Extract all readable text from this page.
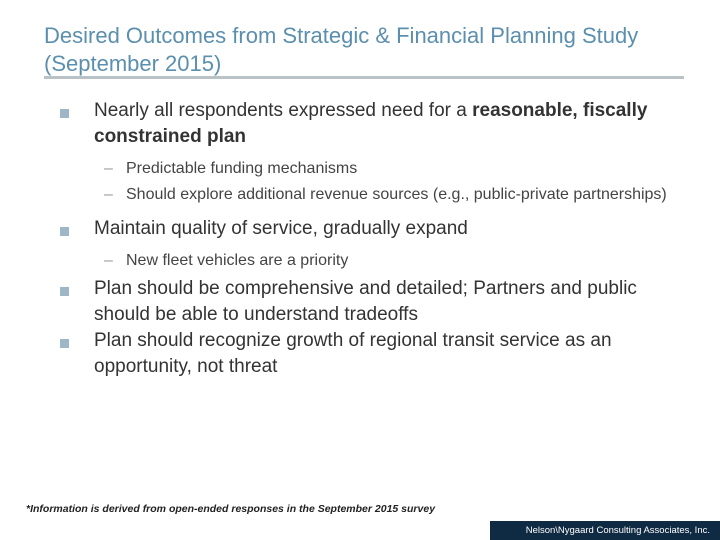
Desired Outcomes from Strategic & Financial Planning Study (September 2015)
Nearly all respondents expressed need for a reasonable, fiscally constrained plan
– Predictable funding mechanisms
– Should explore additional revenue sources (e.g., public-private partnerships)
Maintain quality of service, gradually expand
– New fleet vehicles are a priority
Plan should be comprehensive and detailed; Partners and public should be able to understand tradeoffs
Plan should recognize growth of regional transit service as an opportunity, not threat
*Information is derived from open-ended responses in the September 2015 survey
Nelson\Nygaard Consulting Associates, Inc.
